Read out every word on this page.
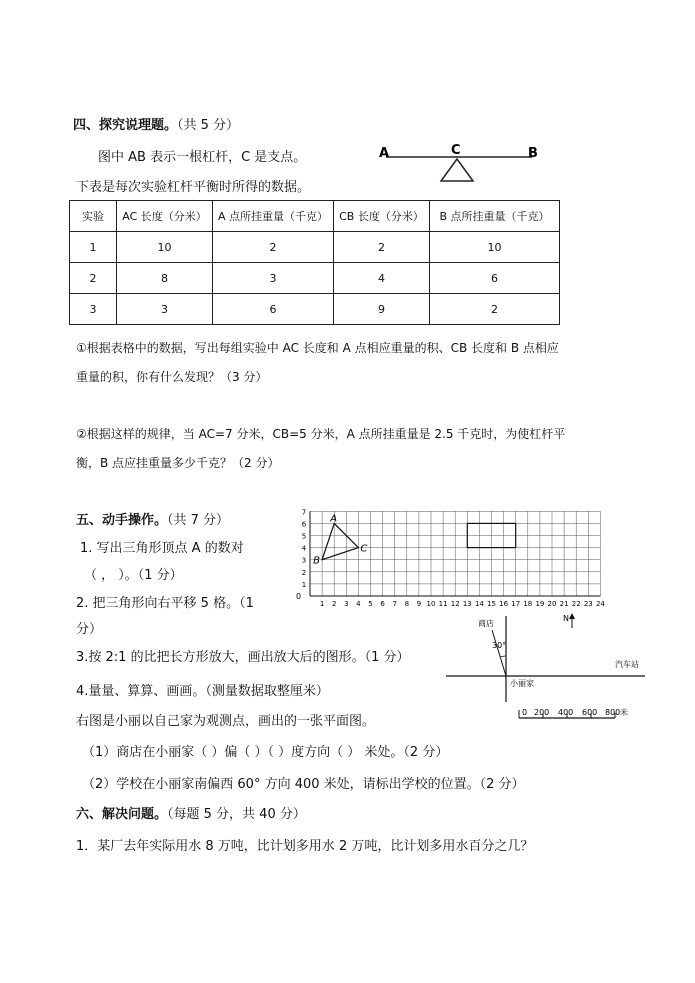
四、探究说理题。（共 5 分）
图中 AB 表示一根杠杆，C 是支点。
下表是每次实验杠杆平衡时所得的数据。
A	C	B
实验	AC 长度（分米）	A 点所挂重量（千克）	CB 长度（分米）	B 点所挂重量（千克）
1	10	2	2	10
2	8	3	4	6
3	3	6	9	2
①根据表格中的数据，写出每组实验中 AC 长度和 A 点相应重量的积、CB 长度和 B 点相应
重量的积，你有什么发现？（3 分）
②根据这样的规律，当 AC=7 分米，CB=5 分米，A 点所挂重量是 2.5 千克时，为使杠杆平
衡，B 点应挂重量多少千克？（2 分）
五、动手操作。（共 7 分）
1. 写出三角形顶点 A 的数对
（ ， ）。（1 分）
2. 把三角形向右平移 5 格。（1
分）
1 2 3 4 5 6 7 8 9 10 11 12 13 14 15 16 17 18 19 20 21 22 23 24
1
2
3
4
5
6
7
0
A
B
C
商店
30°
N
汽车站
小丽家
0 200 400 600 800 米
3.按 2:1 的比把长方形放大，画出放大后的图形。（1 分）
4.量量、算算、画画。（测量数据取整厘米）
右图是小丽以自己家为观测点，画出的一张平面图。
（1）商店在小丽家（ ）偏（ ）（ ）度方向（ ） 米处。（2 分）
（2）学校在小丽家南偏西 60° 方向 400 米处，请标出学校的位置。（2 分）
六、解决问题。（每题 5 分，共 40 分）
1．某厂去年实际用水 8 万吨，比计划多用水 2 万吨，比计划多用水百分之几？
